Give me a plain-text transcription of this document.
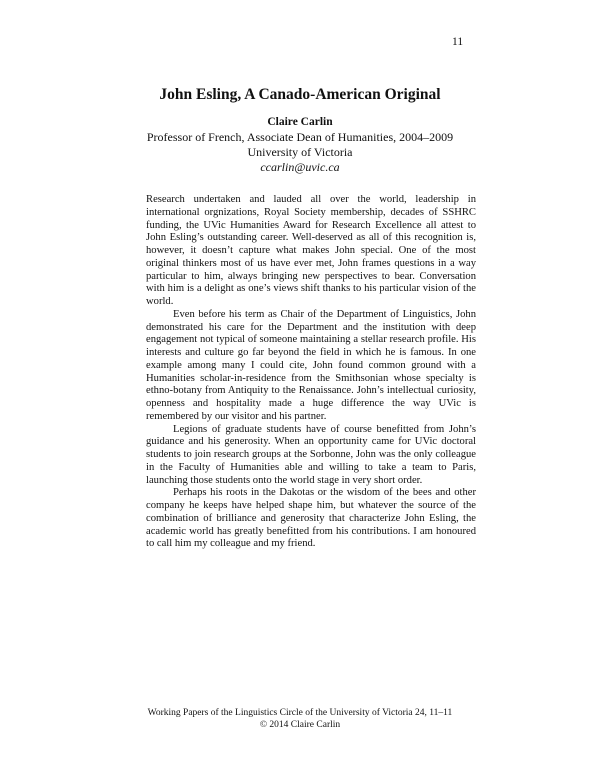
11
John Esling, A Canado-American Original
Claire Carlin
Professor of French, Associate Dean of Humanities, 2004–2009
University of Victoria
ccarlin@uvic.ca

Research undertaken and lauded all over the world, leadership in international orgnizations, Royal Society membership, decades of SSHRC funding, the UVic Humanities Award for Research Excellence all attest to John Esling’s outstanding career. Well-deserved as all of this recognition is, however, it doesn’t capture what makes John special. One of the most original thinkers most of us have ever met, John frames questions in a way particular to him, always bringing new perspectives to bear. Conversation with him is a delight as one’s views shift thanks to his particular vision of the world.

Even before his term as Chair of the Department of Linguistics, John demonstrated his care for the Department and the institution with deep engagement not typical of someone maintaining a stellar research profile. His interests and culture go far beyond the field in which he is famous. In one example among many I could cite, John found common ground with a Humanities scholar-in-residence from the Smithsonian whose specialty is ethno-botany from Antiquity to the Renaissance. John’s intellectual curiosity, openness and hospitality made a huge difference the way UVic is remembered by our visitor and his partner.

Legions of graduate students have of course benefitted from John’s guidance and his generosity. When an opportunity came for UVic doctoral students to join research groups at the Sorbonne, John was the only colleague in the Faculty of Humanities able and willing to take a team to Paris, launching those students onto the world stage in very short order.

Perhaps his roots in the Dakotas or the wisdom of the bees and other company he keeps have helped shape him, but whatever the source of the combination of brilliance and generosity that characterize John Esling, the academic world has greatly benefitted from his contributions. I am honoured to call him my colleague and my friend.

Working Papers of the Linguistics Circle of the University of Victoria 24, 11–11
© 2014 Claire Carlin
